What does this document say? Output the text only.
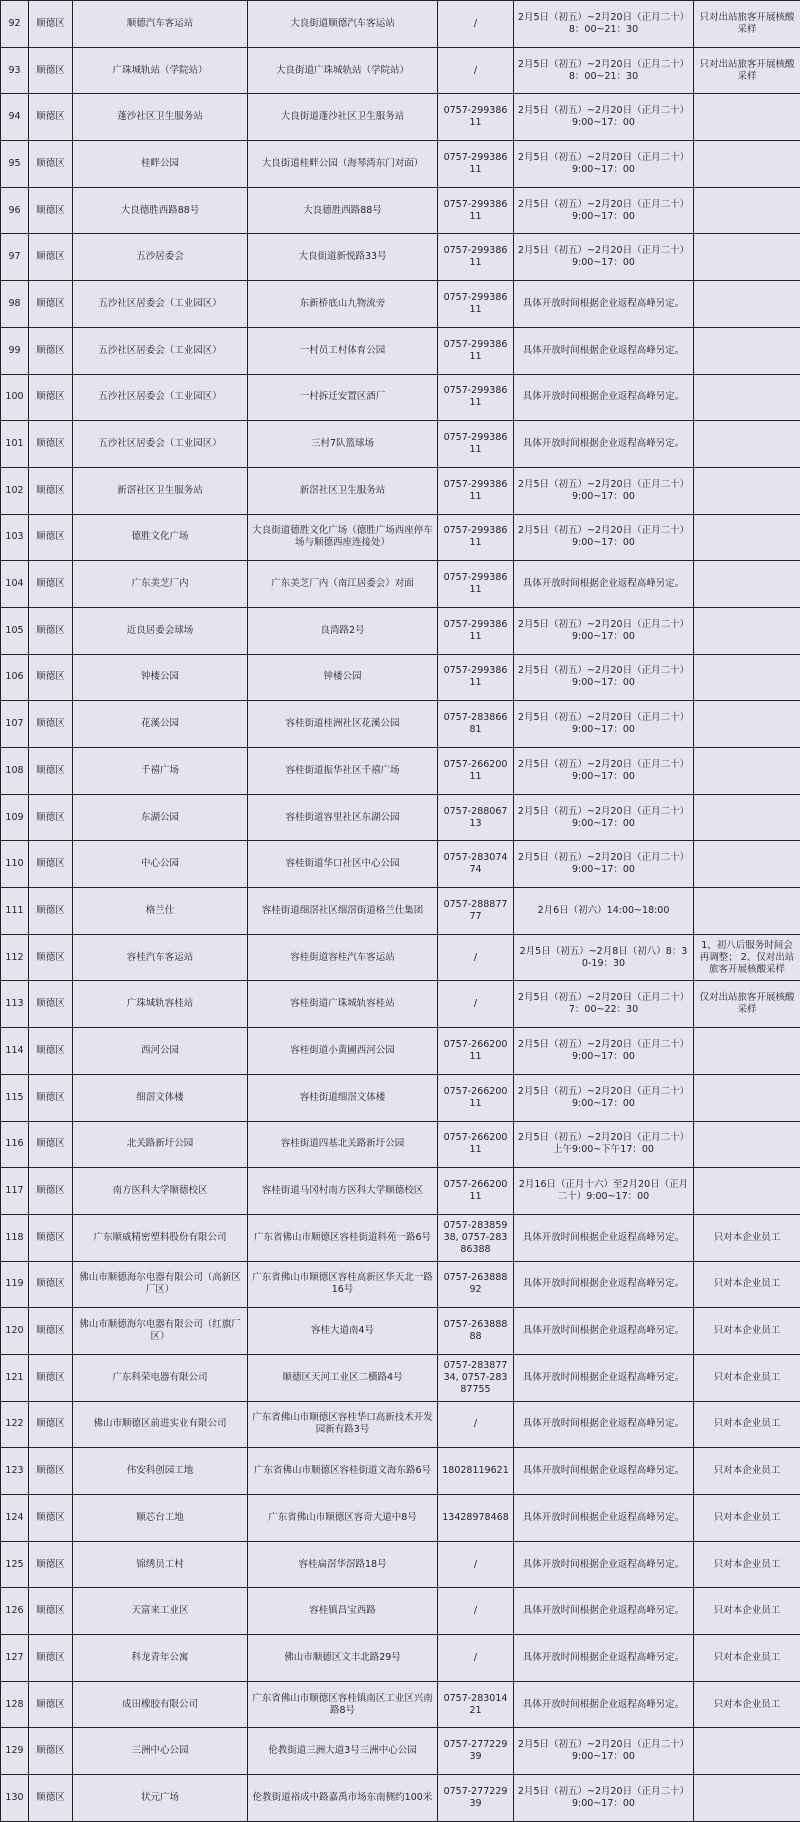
92	顺德区	顺德汽车客运站	大良街道顺德汽车客运站	/	2月5日（初五）~2月20日（正月二十）8：00~21：30	只对出站旅客开展核酸采样
93	顺德区	广珠城轨站（学院站）	大良街道广珠城轨站（学院站）	/	2月5日（初五）~2月20日（正月二十）8：00~21：30	只对出站旅客开展核酸采样
94	顺德区	蓬沙社区卫生服务站	大良街道蓬沙社区卫生服务站	0757-29938611	2月5日（初五）~2月20日（正月二十）9:00~17：00	
95	顺德区	桂畔公园	大良街道桂畔公园（海琴湾东门对面）	0757-29938611	2月5日（初五）~2月20日（正月二十）9:00~17：00	
96	顺德区	大良德胜西路88号	大良德胜西路88号	0757-29938611	2月5日（初五）~2月20日（正月二十）9:00~17：00	
97	顺德区	五沙居委会	大良街道新悦路33号	0757-29938611	2月5日（初五）~2月20日（正月二十）9:00~17：00	
98	顺德区	五沙社区居委会（工业园区）	东新桥底山九物流旁	0757-29938611	具体开放时间根据企业返程高峰另定。	
99	顺德区	五沙社区居委会（工业园区）	一村员工村体育公园	0757-29938611	具体开放时间根据企业返程高峰另定。	
100	顺德区	五沙社区居委会（工业园区）	一村拆迁安置区酒厂	0757-29938611	具体开放时间根据企业返程高峰另定。	
101	顺德区	五沙社区居委会（工业园区）	三村7队篮球场	0757-29938611	具体开放时间根据企业返程高峰另定。	
102	顺德区	新滘社区卫生服务站	新滘社区卫生服务站	0757-29938611	2月5日（初五）~2月20日（正月二十）9:00~17：00	
103	顺德区	德胜文化广场	大良街道德胜文化广场（德胜广场西座停车场与顺德西座连接处）	0757-29938611	2月5日（初五）~2月20日（正月二十）9:00~17：00	
104	顺德区	广东美芝厂内	广东美芝厂内（南江居委会）对面	0757-29938611	具体开放时间根据企业返程高峰另定。	
105	顺德区	近良居委会球场	良湾路2号	0757-29938611	2月5日（初五）~2月20日（正月二十）9:00~17：00	
106	顺德区	钟楼公园	钟楼公园	0757-29938611	2月5日（初五）~2月20日（正月二十）9:00~17：00	
107	顺德区	花溪公园	容桂街道桂洲社区花溪公园	0757-28386681	2月5日（初五）~2月20日（正月二十）9:00~17：00	
108	顺德区	千禧广场	容桂街道振华社区千禧广场	0757-26620011	2月5日（初五）~2月20日（正月二十）9:00~17：00	
109	顺德区	东湖公园	容桂街道容里社区东湖公园	0757-28806713	2月5日（初五）~2月20日（正月二十）9:00~17：00	
110	顺德区	中心公园	容桂街道华口社区中心公园	0757-28307474	2月5日（初五）~2月20日（正月二十）9:00~17：00	
111	顺德区	格兰仕	容桂街道细滘社区细滘街道格兰仕集团	0757-28887777	2月6日（初六）14:00~18:00	
112	顺德区	容桂汽车客运站	容桂街道容桂汽车客运站	/	2月5日（初五）~2月8日（初八）8：30-19：30	1、初八后服务时间会再调整； 2、仅对出站旅客开展核酸采样
113	顺德区	广珠城轨容桂站	容桂街道广珠城轨容桂站	/	2月5日（初五）~2月20日（正月二十）7：00~22：30	仅对出站旅客开展核酸采样
114	顺德区	西河公园	容桂街道小黄圃西河公园	0757-26620011	2月5日（初五）~2月20日（正月二十）9:00~17：00	
115	顺德区	细滘文体楼	容桂街道细滘文体楼	0757-26620011	2月5日（初五）~2月20日（正月二十）9:00~17：00	
116	顺德区	北关路新圩公园	容桂街道四基北关路新圩公园	0757-26620011	2月5日（初五）~2月20日（正月二十）上午9:00~下午17：00	
117	顺德区	南方医科大学顺德校区	容桂街道马冈村南方医科大学顺德校区	0757-26620011	2月16日（正月十六）至2月20日（正月二十）9:00~17：00	
118	顺德区	广东顺威精密塑料股份有限公司	广东省佛山市顺德区容桂街道科苑一路6号	0757-28385938, 0757-28386388	具体开放时间根据企业返程高峰另定。	只对本企业员工
119	顺德区	佛山市顺德海尔电器有限公司（高新区厂区）	广东省佛山市顺德区容桂高新区华天北一路16号	0757-26388892	具体开放时间根据企业返程高峰另定。	只对本企业员工
120	顺德区	佛山市顺德海尔电器有限公司（红旗厂区）	容桂大道南4号	0757-26388888	具体开放时间根据企业返程高峰另定。	只对本企业员工
121	顺德区	广东科荣电器有限公司	顺德区天河工业区二横路4号	0757-28387734, 0757-28387755	具体开放时间根据企业返程高峰另定。	只对本企业员工
122	顺德区	佛山市顺德区前进实业有限公司	广东省佛山市顺德区容桂华口高新技术开发园新有路3号	/	具体开放时间根据企业返程高峰另定。	只对本企业员工
123	顺德区	伟安科创园工地	广东省佛山市顺德区容桂街道文海东路6号	18028119621	具体开放时间根据企业返程高峰另定。	只对本企业员工
124	顺德区	顺芯台工地	广东省佛山市顺德区容奇大道中8号	13428978468	具体开放时间根据企业返程高峰另定。	只对本企业员工
125	顺德区	锦绣员工村	容桂扁滘华滘路18号	/	具体开放时间根据企业返程高峰另定。	只对本企业员工
126	顺德区	天富来工业区	容桂镇昌宝西路	/	具体开放时间根据企业返程高峰另定。	只对本企业员工
127	顺德区	科龙青年公寓	佛山市顺德区文丰北路29号	/	具体开放时间根据企业返程高峰另定。	只对本企业员工
128	顺德区	成田橡胶有限公司	广东省佛山市顺德区容桂镇南区工业区兴南路8号	0757-28301421	具体开放时间根据企业返程高峰另定。	只对本企业员工
129	顺德区	三洲中心公园	伦教街道三洲大道3号三洲中心公园	0757-27722939	2月5日（初五）~2月20日（正月二十）9:00~17：00	
130	顺德区	状元广场	伦教街道裕成中路嘉禹市场东南侧约100米	0757-27722939	2月5日（初五）~2月20日（正月二十）9:00~17：00	
